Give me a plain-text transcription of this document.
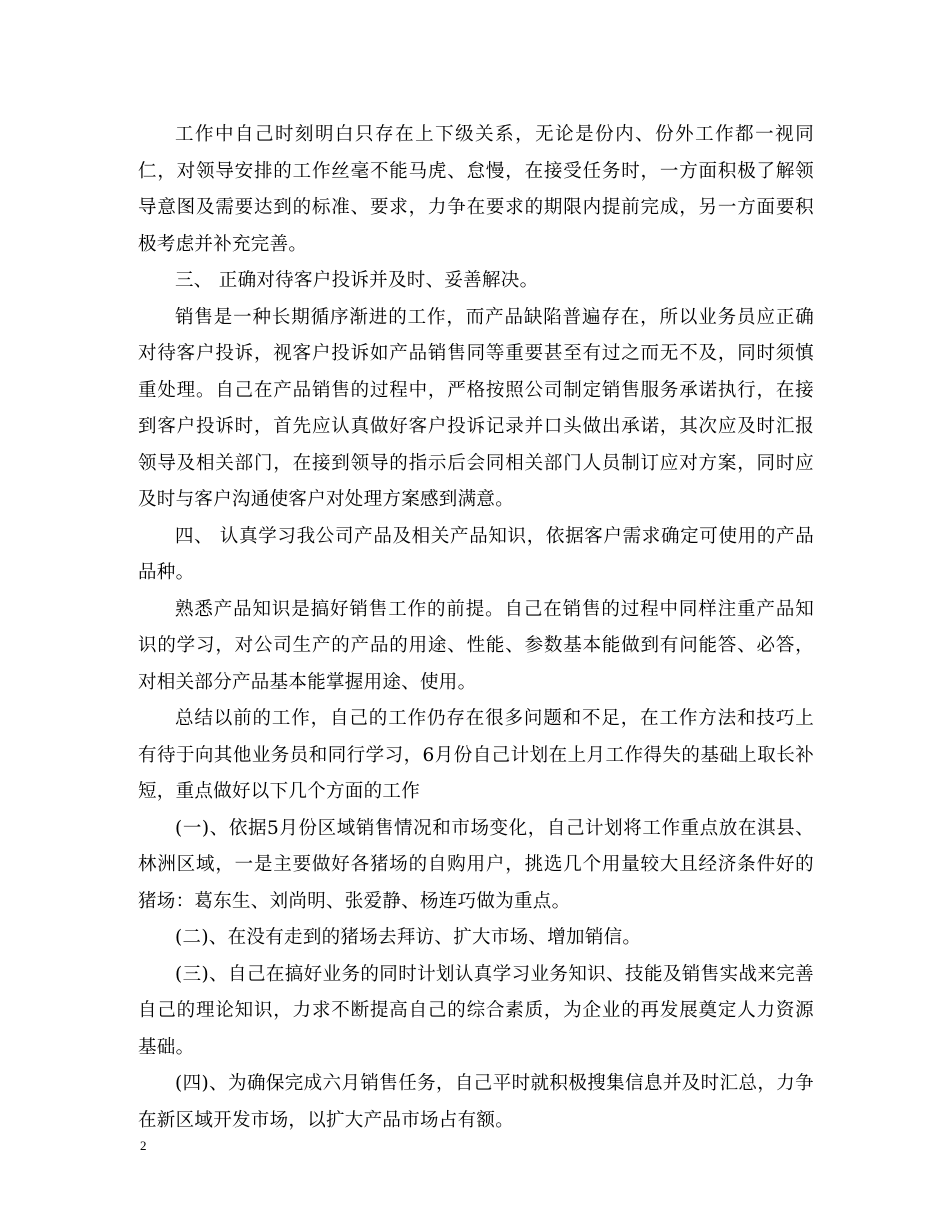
工作中自己时刻明白只存在上下级关系，无论是份内、份外工作都一视同仁，对领导安排的工作丝毫不能马虎、怠慢，在接受任务时，一方面积极了解领导意图及需要达到的标准、要求，力争在要求的期限内提前完成，另一方面要积极考虑并补充完善。

三、 正确对待客户投诉并及时、妥善解决。

销售是一种长期循序渐进的工作，而产品缺陷普遍存在，所以业务员应正确对待客户投诉，视客户投诉如产品销售同等重要甚至有过之而无不及，同时须慎重处理。自己在产品销售的过程中，严格按照公司制定销售服务承诺执行，在接到客户投诉时，首先应认真做好客户投诉记录并口头做出承诺，其次应及时汇报领导及相关部门，在接到领导的指示后会同相关部门人员制订应对方案，同时应及时与客户沟通使客户对处理方案感到满意。

四、 认真学习我公司产品及相关产品知识，依据客户需求确定可使用的产品品种。

熟悉产品知识是搞好销售工作的前提。自己在销售的过程中同样注重产品知识的学习，对公司生产的产品的用途、性能、参数基本能做到有问能答、必答，对相关部分产品基本能掌握用途、使用。

总结以前的工作，自己的工作仍存在很多问题和不足，在工作方法和技巧上有待于向其他业务员和同行学习，6月份自己计划在上月工作得失的基础上取长补短，重点做好以下几个方面的工作

(一)、依据5月份区域销售情况和市场变化，自己计划将工作重点放在淇县、林洲区域，一是主要做好各猪场的自购用户，挑选几个用量较大且经济条件好的猪场：葛东生、刘尚明、张爱静、杨连巧做为重点。

(二)、在没有走到的猪场去拜访、扩大市场、增加销信。

(三)、自己在搞好业务的同时计划认真学习业务知识、技能及销售实战来完善自己的理论知识，力求不断提高自己的综合素质，为企业的再发展奠定人力资源基础。

(四)、为确保完成六月销售任务，自己平时就积极搜集信息并及时汇总，力争在新区域开发市场，以扩大产品市场占有额。

2
